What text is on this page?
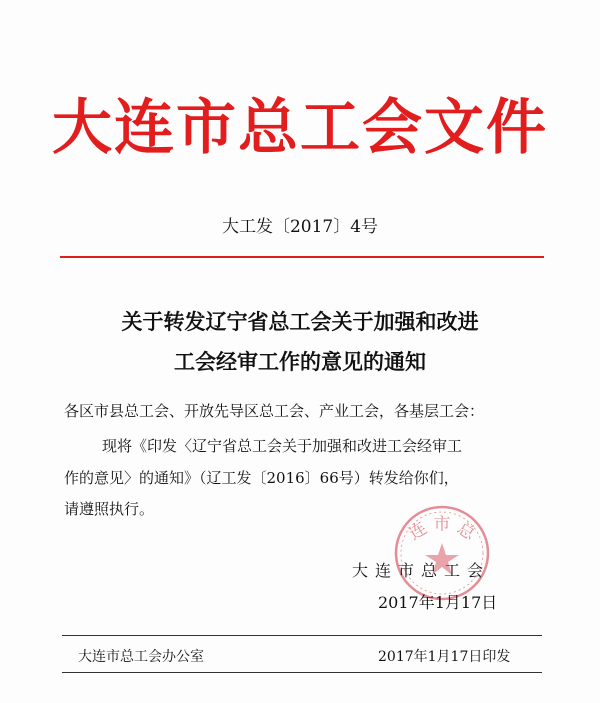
大连市总工会文件
大工发〔2017〕4号
关于转发辽宁省总工会关于加强和改进
工会经审工作的意见的通知
各区市县总工会、开放先导区总工会、产业工会，各基层工会：
现将《印发〈辽宁省总工会关于加强和改进工会经审工
作的意见〉的通知》（辽工发〔2016〕66号）转发给你们，
请遵照执行。
连 市 总
大连市总工会
2017年1月17日
大连市总工会办公室	2017年1月17日印发
